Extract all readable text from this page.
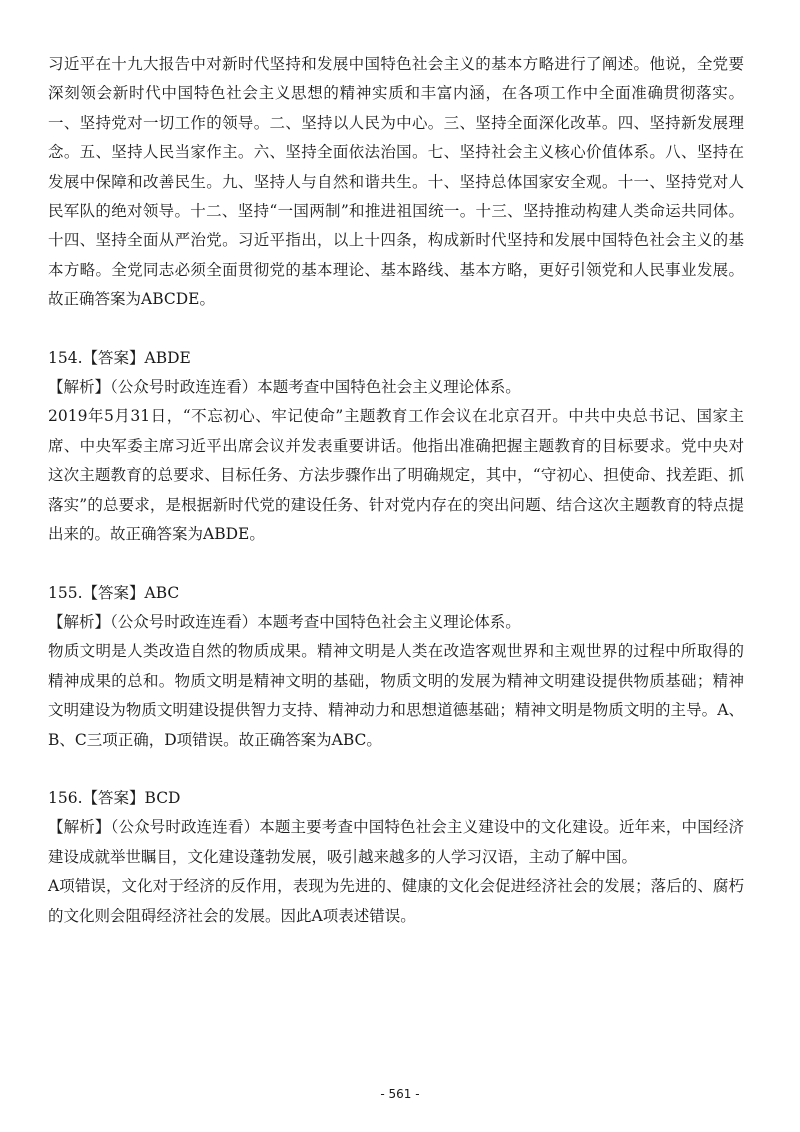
习近平在十九大报告中对新时代坚持和发展中国特色社会主义的基本方略进行了阐述。他说，全党要深刻领会新时代中国特色社会主义思想的精神实质和丰富内涵，在各项工作中全面准确贯彻落实。一、坚持党对一切工作的领导。二、坚持以人民为中心。三、坚持全面深化改革。四、坚持新发展理念。五、坚持人民当家作主。六、坚持全面依法治国。七、坚持社会主义核心价值体系。八、坚持在发展中保障和改善民生。九、坚持人与自然和谐共生。十、坚持总体国家安全观。十一、坚持党对人民军队的绝对领导。十二、坚持“一国两制”和推进祖国统一。十三、坚持推动构建人类命运共同体。十四、坚持全面从严治党。习近平指出，以上十四条，构成新时代坚持和发展中国特色社会主义的基本方略。全党同志必须全面贯彻党的基本理论、基本路线、基本方略，更好引领党和人民事业发展。故正确答案为ABCDE。

154.【答案】ABDE

【解析】（公众号时政连连看）本题考查中国特色社会主义理论体系。

2019年5月31日，“不忘初心、牢记使命”主题教育工作会议在北京召开。中共中央总书记、国家主席、中央军委主席习近平出席会议并发表重要讲话。他指出准确把握主题教育的目标要求。党中央对这次主题教育的总要求、目标任务、方法步骤作出了明确规定，其中，“守初心、担使命、找差距、抓落实”的总要求，是根据新时代党的建设任务、针对党内存在的突出问题、结合这次主题教育的特点提出来的。故正确答案为ABDE。

155.【答案】ABC

【解析】（公众号时政连连看）本题考查中国特色社会主义理论体系。

物质文明是人类改造自然的物质成果。精神文明是人类在改造客观世界和主观世界的过程中所取得的精神成果的总和。物质文明是精神文明的基础，物质文明的发展为精神文明建设提供物质基础；精神文明建设为物质文明建设提供智力支持、精神动力和思想道德基础；精神文明是物质文明的主导。A、B、C三项正确，D项错误。故正确答案为ABC。

156.【答案】BCD

【解析】（公众号时政连连看）本题主要考查中国特色社会主义建设中的文化建设。近年来，中国经济建设成就举世瞩目，文化建设蓬勃发展，吸引越来越多的人学习汉语，主动了解中国。

A项错误，文化对于经济的反作用，表现为先进的、健康的文化会促进经济社会的发展；落后的、腐朽的文化则会阻碍经济社会的发展。因此A项表述错误。

- 561 -
